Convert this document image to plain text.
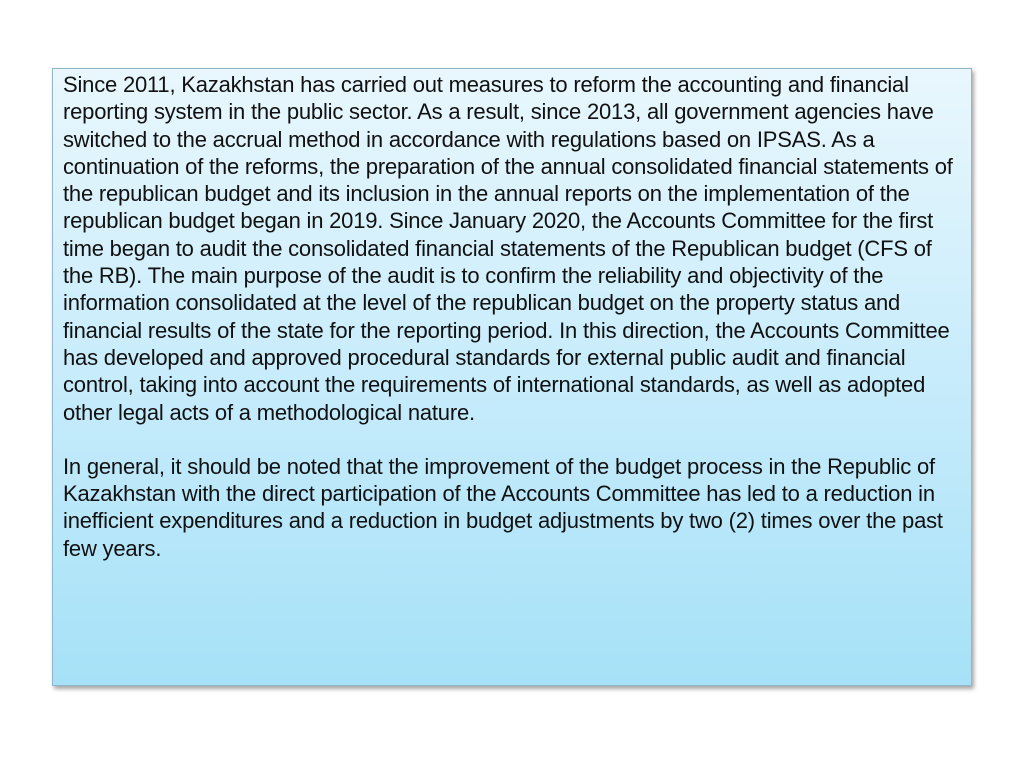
Since 2011, Kazakhstan has carried out measures to reform the accounting and financial reporting system in the public sector. As a result, since 2013, all government agencies have switched to the accrual method in accordance with regulations based on IPSAS. As a continuation of the reforms, the preparation of the annual consolidated financial statements of the republican budget and its inclusion in the annual reports on the implementation of the republican budget began in 2019. Since January 2020, the Accounts Committee for the first time began to audit the consolidated financial statements of the Republican budget (CFS of the RB). The main purpose of the audit is to confirm the reliability and objectivity of the information consolidated at the level of the republican budget on the property status and financial results of the state for the reporting period. In this direction, the Accounts Committee has developed and approved procedural standards for external public audit and financial control, taking into account the requirements of international standards, as well as adopted other legal acts of a methodological nature.

In general, it should be noted that the improvement of the budget process in the Republic of Kazakhstan with the direct participation of the Accounts Committee has led to a reduction in inefficient expenditures and a reduction in budget adjustments by two (2) times over the past few years.
